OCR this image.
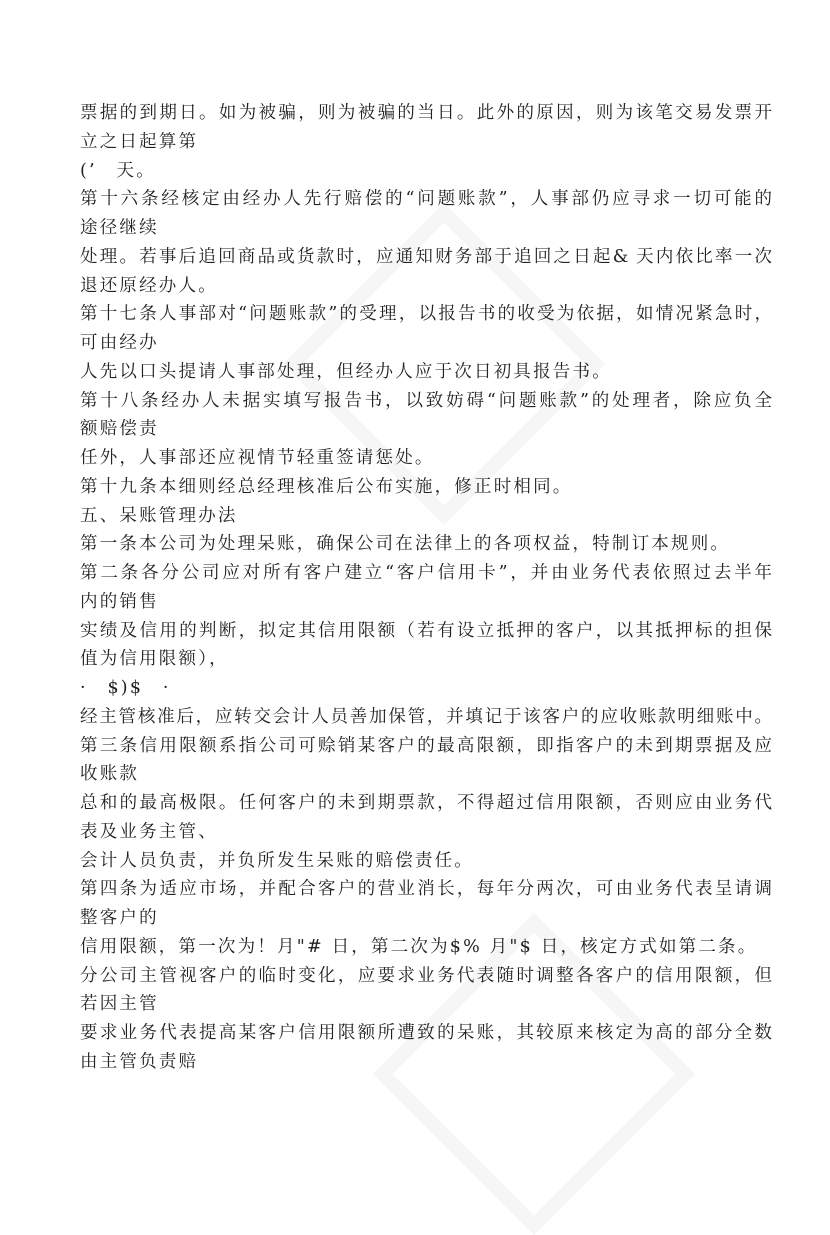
票据的到期日。如为被骗，则为被骗的当日。此外的原因，则为该笔交易发票开
立之日起算第
(’　天。
第十六条经核定由经办人先行赔偿的“问题账款”，人事部仍应寻求一切可能的
途径继续
处理。若事后追回商品或货款时，应通知财务部于追回之日起& 天内依比率一次
退还原经办人。
第十七条人事部对“问题账款”的受理，以报告书的收受为依据，如情况紧急时，
可由经办
人先以口头提请人事部处理，但经办人应于次日初具报告书。
第十八条经办人未据实填写报告书，以致妨碍“问题账款”的处理者，除应负全
额赔偿责
任外，人事部还应视情节轻重签请惩处。
第十九条本细则经总经理核准后公布实施，修正时相同。
五、呆账管理办法
第一条本公司为处理呆账，确保公司在法律上的各项权益，特制订本规则。
第二条各分公司应对所有客户建立“客户信用卡”，并由业务代表依照过去半年
内的销售
实绩及信用的判断，拟定其信用限额（若有设立抵押的客户，以其抵押标的担保
值为信用限额），
·　$)$　·
经主管核准后，应转交会计人员善加保管，并填记于该客户的应收账款明细账中。
第三条信用限额系指公司可赊销某客户的最高限额，即指客户的未到期票据及应
收账款
总和的最高极限。任何客户的未到期票款，不得超过信用限额，否则应由业务代
表及业务主管、
会计人员负责，并负所发生呆账的赔偿责任。
第四条为适应市场，并配合客户的营业消长，每年分两次，可由业务代表呈请调
整客户的
信用限额，第一次为！月"# 日，第二次为$% 月"$ 日，核定方式如第二条。
分公司主管视客户的临时变化，应要求业务代表随时调整各客户的信用限额，但
若因主管
要求业务代表提高某客户信用限额所遭致的呆账，其较原来核定为高的部分全数
由主管负责赔
